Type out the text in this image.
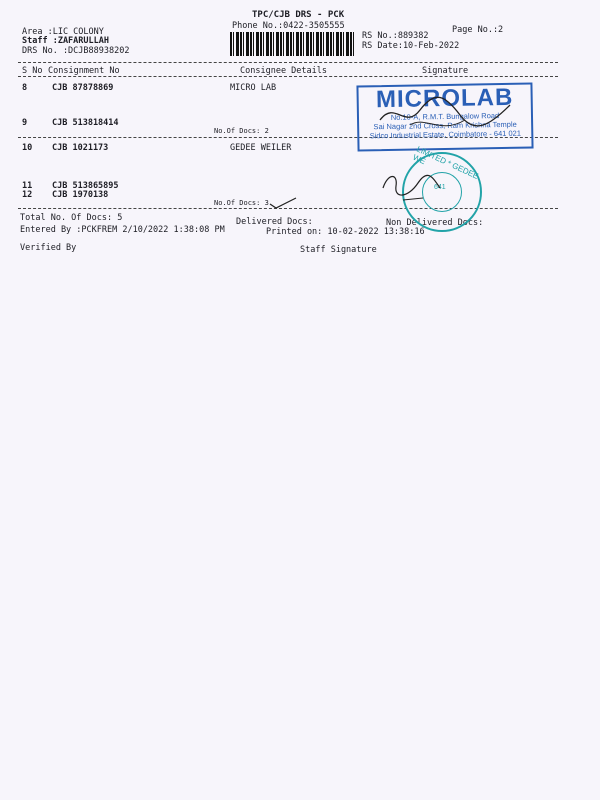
TPC/CJB DRS - PCK
Phone No.:0422-3505555
Area :LIC COLONY
Staff :ZAFARULLAH
DRS No. :DCJB88938202
RS No.:889382
RS Date:10-Feb-2022
Page No.:2
S No Consignment No	Consignee Details	Signature
8	CJB 87878869	MICRO LAB
9	CJB 513818414
No.Of Docs: 2
10 CJB 1021173	GEDEE WEILER
11 CJB 513865895
12 CJB 1970138
No.Of Docs: 3
Total No. Of Docs: 5	Delivered Docs:	Non Delivered Docs:
Entered By :PCKFREM 2/10/2022 1:38:08 PM	Printed on: 10-02-2022 13:38:16
Verified By	Staff Signature
MICROLAB
No.10-A, R.M.T. Bungalow Road
Sai Nagar 2nd Cross, Ram Krishna Temple
Sidco Industrial Estate, Coimbatore - 641 021
LIMITED * GEDEE WE
641
